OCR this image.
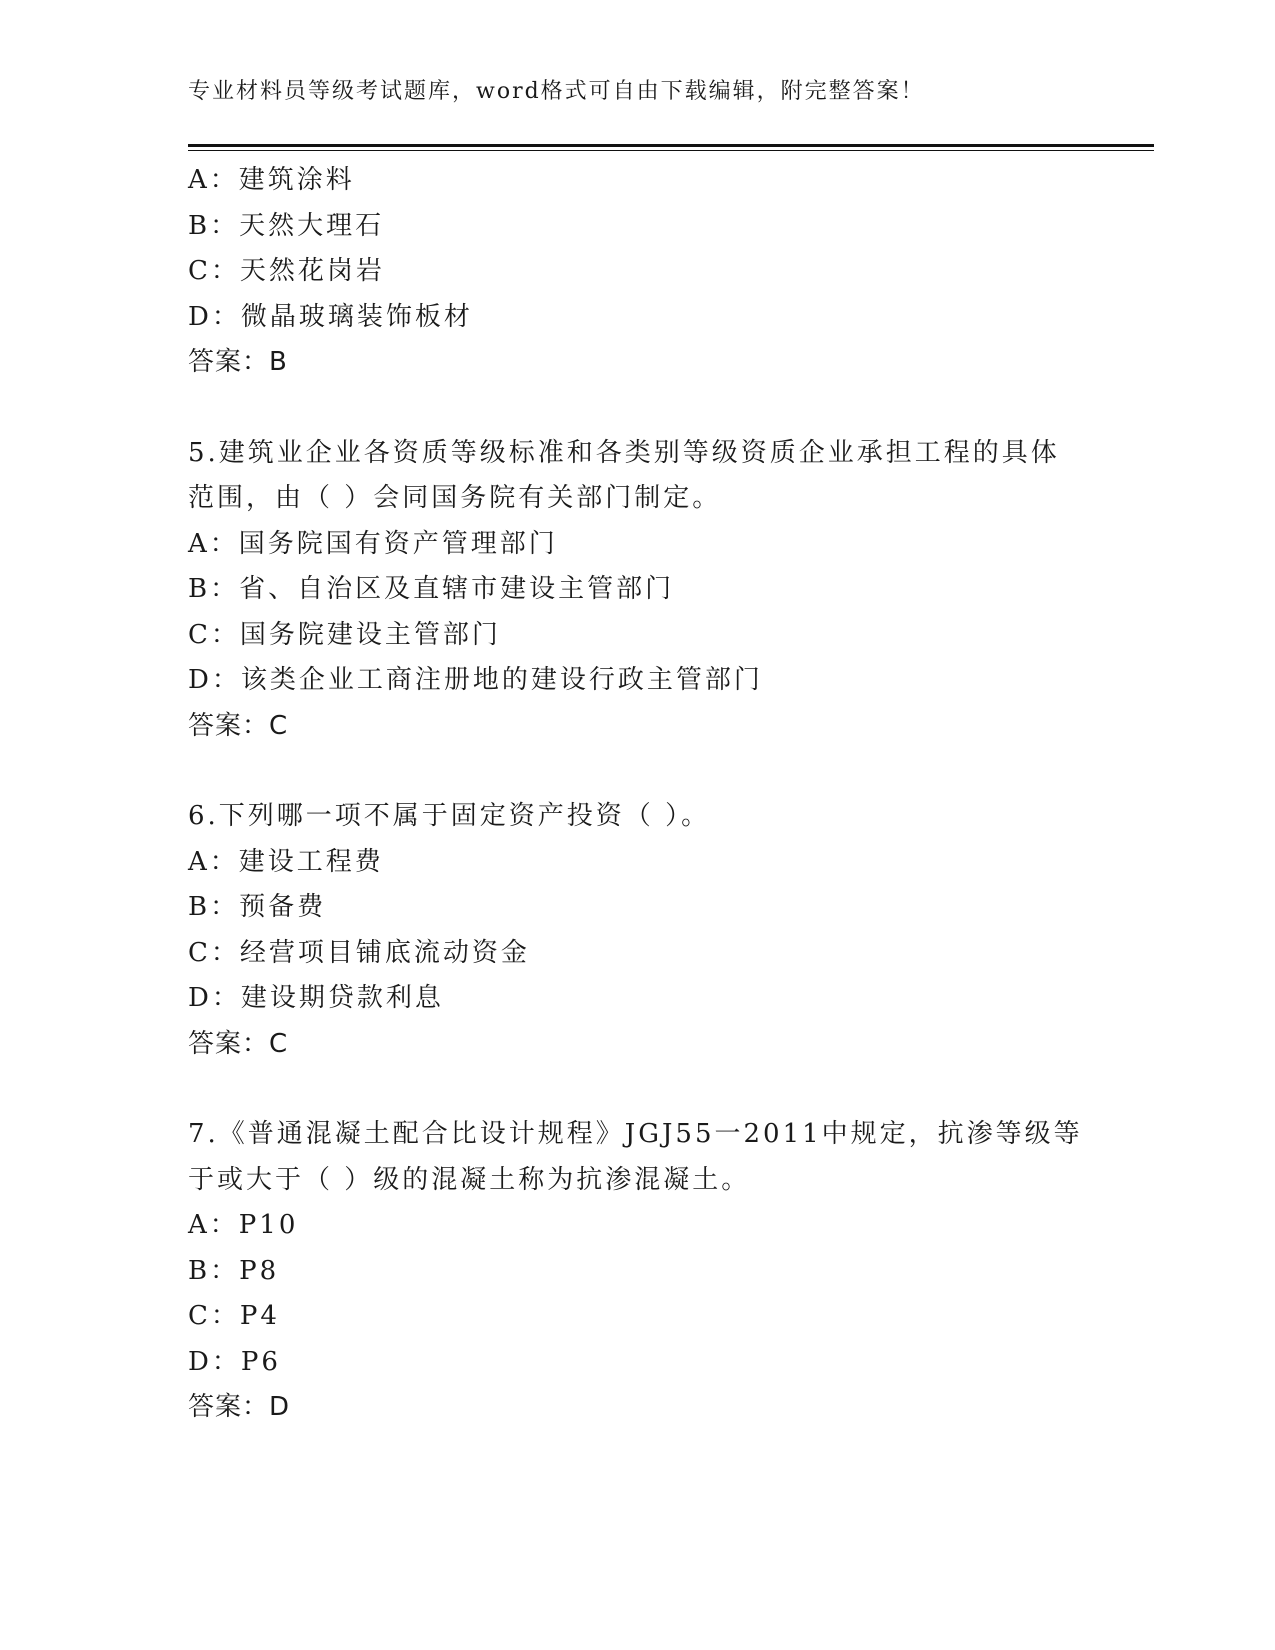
专业材料员等级考试题库，word格式可自由下载编辑，附完整答案！
A：建筑涂料
B：天然大理石
C：天然花岗岩
D：微晶玻璃装饰板材
答案：B
5.建筑业企业各资质等级标准和各类别等级资质企业承担工程的具体
范围，由（ ）会同国务院有关部门制定。
A：国务院国有资产管理部门
B：省、自治区及直辖市建设主管部门
C：国务院建设主管部门
D：该类企业工商注册地的建设行政主管部门
答案：C
6.下列哪一项不属于固定资产投资（ ）。
A：建设工程费
B：预备费
C：经营项目铺底流动资金
D：建设期贷款利息
答案：C
7.《普通混凝土配合比设计规程》JGJ55一2011中规定，抗渗等级等
于或大于（ ）级的混凝土称为抗渗混凝土。
A：P10
B：P8
C：P4
D：P6
答案：D
